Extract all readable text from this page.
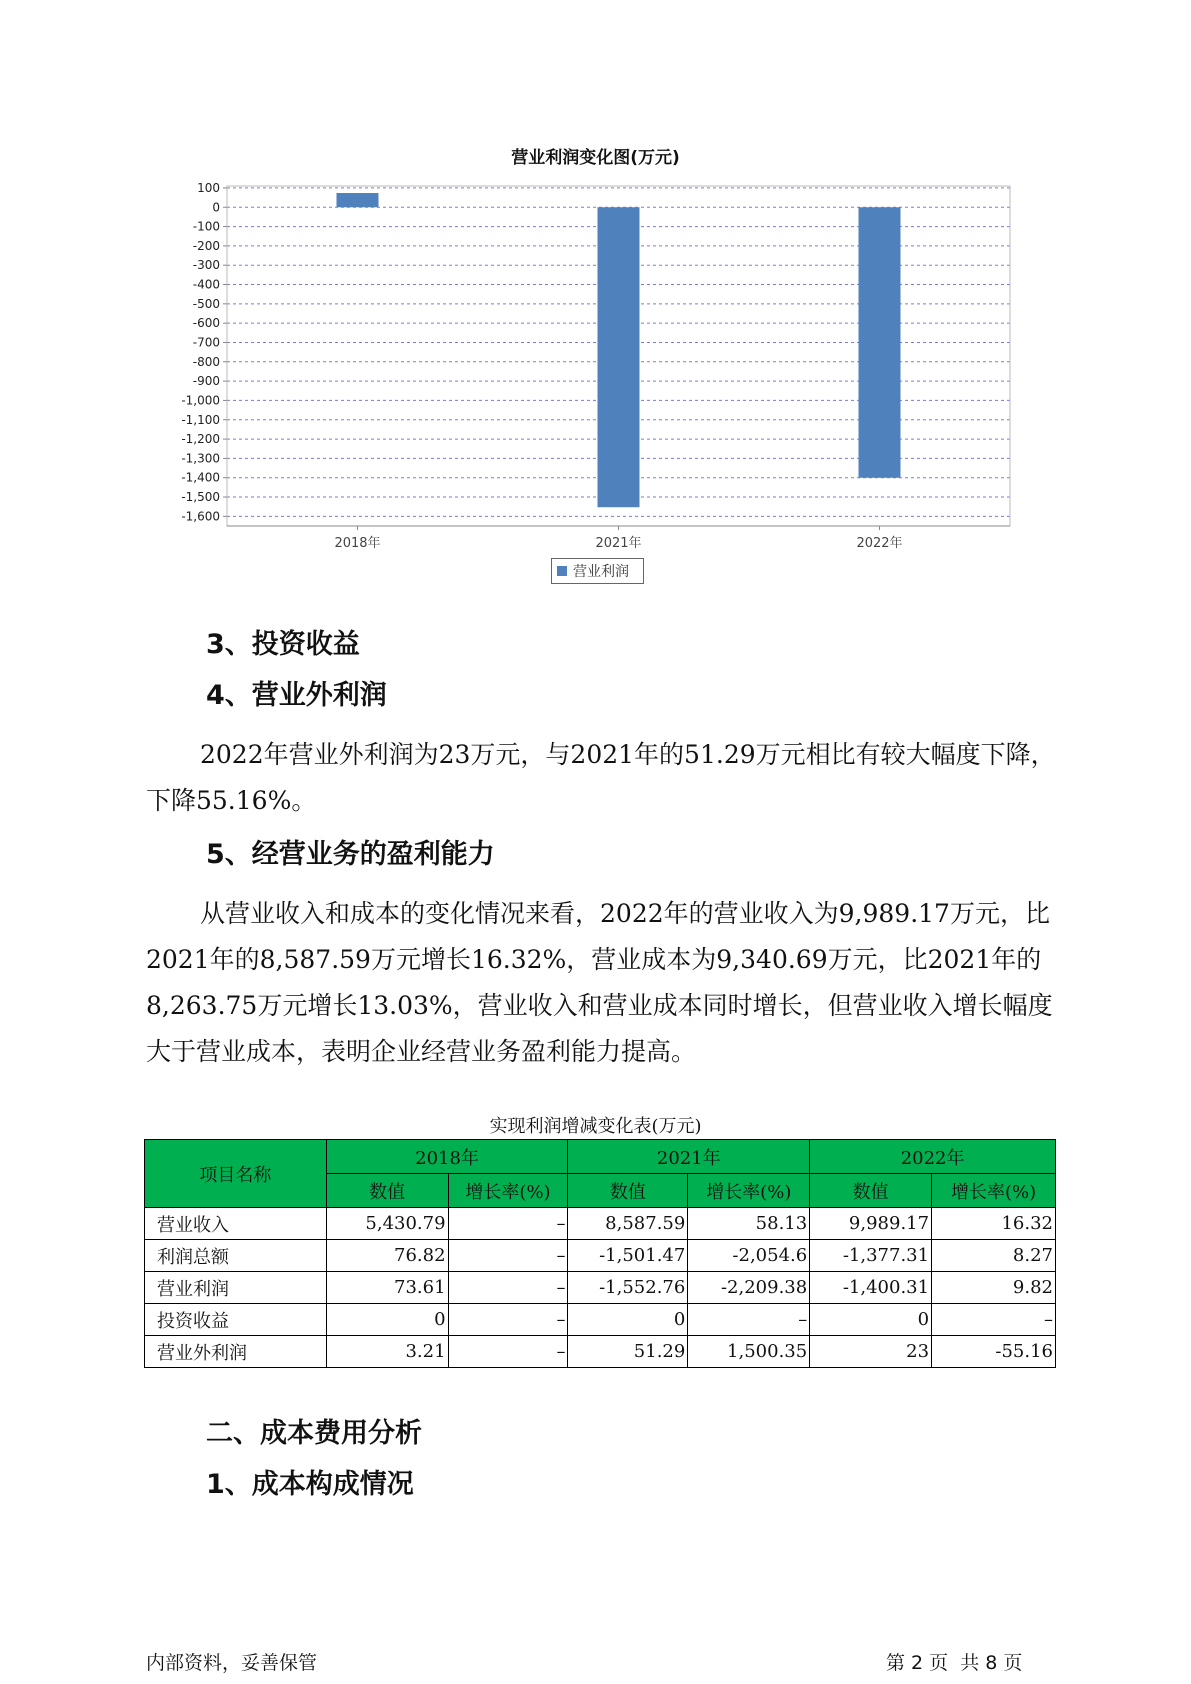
营业利润变化图(万元)
100
0
-100
-200
-300
-400
-500
-600
-700
-800
-900
-1,000
-1,100
-1,200
-1,300
-1,400
-1,500
-1,600
2018年	2021年	2022年
营业利润
3、投资收益
4、营业外利润

2022年营业外利润为23万元，与2021年的51.29万元相比有较大幅度下降，下降55.16%。

5、经营业务的盈利能力

从营业收入和成本的变化情况来看，2022年的营业收入为9,989.17万元，比2021年的8,587.59万元增长16.32%，营业成本为9,340.69万元，比2021年的8,263.75万元增长13.03%，营业收入和营业成本同时增长，但营业收入增长幅度大于营业成本，表明企业经营业务盈利能力提高。

实现利润增减变化表(万元)
项目名称	2018年		2021年		2022年	
	数值	增长率(%)	数值	增长率(%)	数值	增长率(%)
营业收入	5,430.79	–	8,587.59	58.13	9,989.17	16.32
利润总额	76.82	–	-1,501.47	-2,054.6	-1,377.31	8.27
营业利润	73.61	–	-1,552.76	-2,209.38	-1,400.31	9.82
投资收益	0	–	0	–	0	–
营业外利润	3.21	–	51.29	1,500.35	23	-55.16
二、成本费用分析
1、成本构成情况
内部资料，妥善保管	第 2 页  共 8 页
